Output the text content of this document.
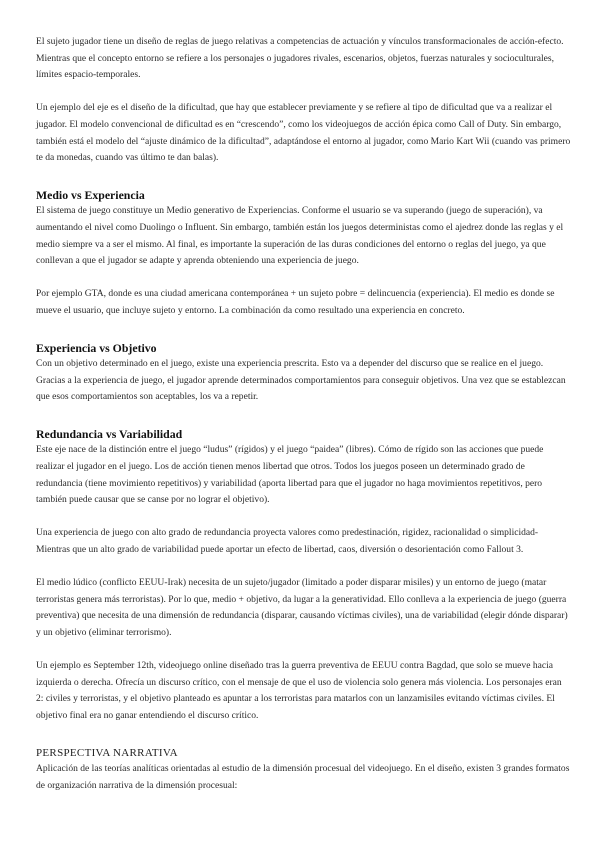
El sujeto jugador tiene un diseño de reglas de juego relativas a competencias de actuación y vínculos transformacionales de acción-efecto. Mientras que el concepto entorno se refiere a los personajes o jugadores rivales, escenarios, objetos, fuerzas naturales y socioculturales, límites espacio-temporales.

Un ejemplo del eje es el diseño de la dificultad, que hay que establecer previamente y se refiere al tipo de dificultad que va a realizar el jugador. El modelo convencional de dificultad es en “crescendo”, como los videojuegos de acción épica como Call of Duty. Sin embargo, también está el modelo del “ajuste dinámico de la dificultad”, adaptándose el entorno al jugador, como Mario Kart Wii (cuando vas primero te da monedas, cuando vas último te dan balas).

Medio vs Experiencia

El sistema de juego constituye un Medio generativo de Experiencias. Conforme el usuario se va superando (juego de superación), va aumentando el nivel como Duolingo o Influent. Sin embargo, también están los juegos deterministas como el ajedrez donde las reglas y el medio siempre va a ser el mismo. Al final, es importante la superación de las duras condiciones del entorno o reglas del juego, ya que conllevan a que el jugador se adapte y aprenda obteniendo una experiencia de juego.

Por ejemplo GTA, donde es una ciudad americana contemporánea + un sujeto pobre = delincuencia (experiencia). El medio es donde se mueve el usuario, que incluye sujeto y entorno. La combinación da como resultado una experiencia en concreto.

Experiencia vs Objetivo

Con un objetivo determinado en el juego, existe una experiencia prescrita. Esto va a depender del discurso que se realice en el juego. Gracias a la experiencia de juego, el jugador aprende determinados comportamientos para conseguir objetivos. Una vez que se establezcan que esos comportamientos son aceptables, los va a repetir.

Redundancia vs Variabilidad

Este eje nace de la distinción entre el juego “ludus” (rígidos) y el juego “paidea” (libres). Cómo de rígido son las acciones que puede realizar el jugador en el juego. Los de acción tienen menos libertad que otros. Todos los juegos poseen un determinado grado de redundancia (tiene movimiento repetitivos) y variabilidad (aporta libertad para que el jugador no haga movimientos repetitivos, pero también puede causar que se canse por no lograr el objetivo).

Una experiencia de juego con alto grado de redundancia proyecta valores como predestinación, rigidez, racionalidad o simplicidad- Mientras que un alto grado de variabilidad puede aportar un efecto de libertad, caos, diversión o desorientación como Fallout 3.

El medio lúdico (conflicto EEUU-Irak) necesita de un sujeto/jugador (limitado a poder disparar misiles) y un entorno de juego (matar terroristas genera más terroristas). Por lo que, medio + objetivo, da lugar a la generatividad. Ello conlleva a la experiencia de juego (guerra preventiva) que necesita de una dimensión de redundancia (disparar, causando víctimas civiles), una de variabilidad (elegir dónde disparar) y un objetivo (eliminar terrorismo).

Un ejemplo es September 12th, videojuego online diseñado tras la guerra preventiva de EEUU contra Bagdad, que solo se mueve hacia izquierda o derecha. Ofrecía un discurso crítico, con el mensaje de que el uso de violencia solo genera más violencia. Los personajes eran 2: civiles y terroristas, y el objetivo planteado es apuntar a los terroristas para matarlos con un lanzamisiles evitando víctimas civiles. El objetivo final era no ganar entendiendo el discurso crítico.

PERSPECTIVA NARRATIVA

Aplicación de las teorías analíticas orientadas al estudio de la dimensión procesual del videojuego. En el diseño, existen 3 grandes formatos de organización narrativa de la dimensión procesual:
